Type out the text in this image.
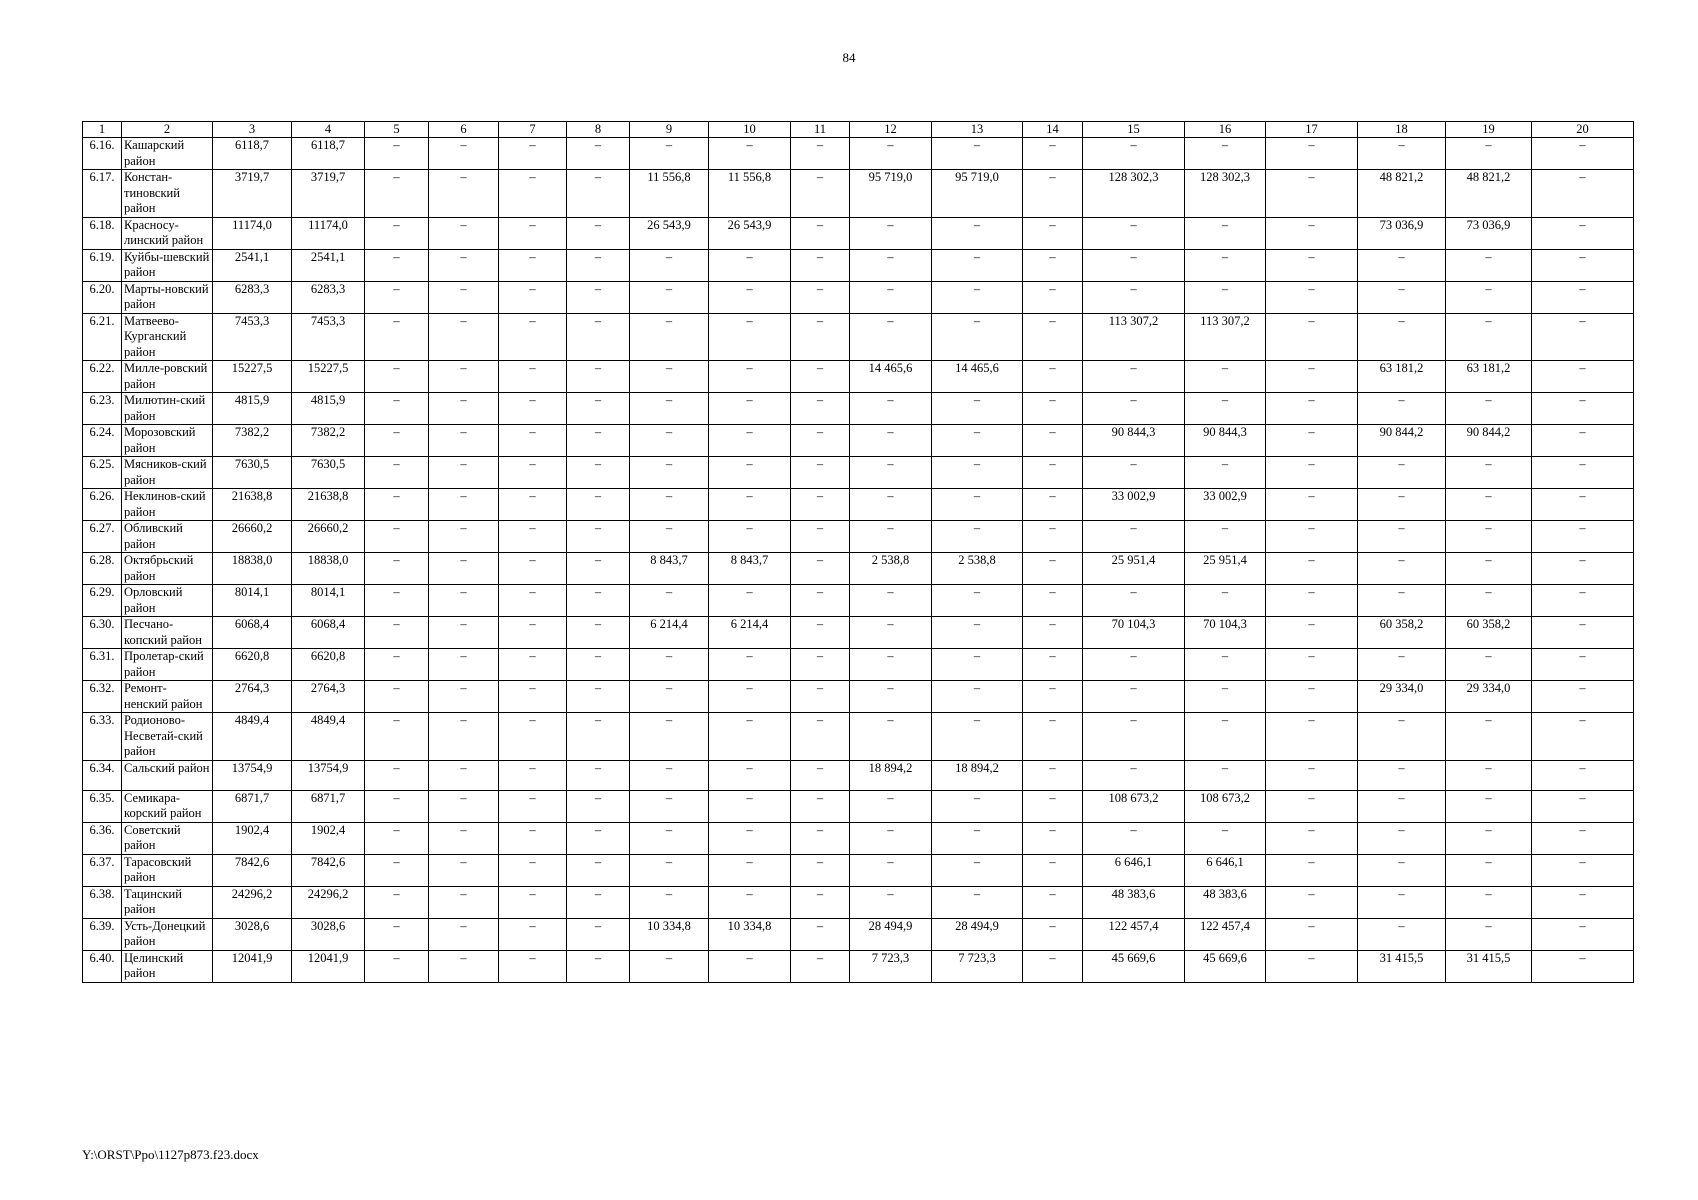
84
1	2	3	4	5	6	7	8	9	10	11	12	13	14	15	16	17	18	19	20
6.16.	Кашарский район	6118,7	6118,7	–	–	–	–	–	–	–	–	–	–	–	–	–	–	–	–
6.17.	Констан-тиновский район	3719,7	3719,7	–	–	–	–	11 556,8	11 556,8	–	95 719,0	95 719,0	–	128 302,3	128 302,3	–	48 821,2	48 821,2	–
6.18.	Красносу-линский район	11174,0	11174,0	–	–	–	–	26 543,9	26 543,9	–	–	–	–	–	–	–	73 036,9	73 036,9	–
6.19.	Куйбы-шевский район	2541,1	2541,1	–	–	–	–	–	–	–	–	–	–	–	–	–	–	–	–
6.20.	Марты-новский район	6283,3	6283,3	–	–	–	–	–	–	–	–	–	–	–	–	–	–	–	–
6.21.	Матвеево-Курганский район	7453,3	7453,3	–	–	–	–	–	–	–	–	–	–	113 307,2	113 307,2	–	–	–	–
6.22.	Милле-ровский район	15227,5	15227,5	–	–	–	–	–	–	–	14 465,6	14 465,6	–	–	–	–	63 181,2	63 181,2	–
6.23.	Милютин-ский район	4815,9	4815,9	–	–	–	–	–	–	–	–	–	–	–	–	–	–	–	–
6.24.	Морозовский район	7382,2	7382,2	–	–	–	–	–	–	–	–	–	–	90 844,3	90 844,3	–	90 844,2	90 844,2	–
6.25.	Мясников-ский район	7630,5	7630,5	–	–	–	–	–	–	–	–	–	–	–	–	–	–	–	–
6.26.	Неклинов-ский район	21638,8	21638,8	–	–	–	–	–	–	–	–	–	–	33 002,9	33 002,9	–	–	–	–
6.27.	Обливский район	26660,2	26660,2	–	–	–	–	–	–	–	–	–	–	–	–	–	–	–	–
6.28.	Октябрьский район	18838,0	18838,0	–	–	–	–	8 843,7	8 843,7	–	2 538,8	2 538,8	–	25 951,4	25 951,4	–	–	–	–
6.29.	Орловский район	8014,1	8014,1	–	–	–	–	–	–	–	–	–	–	–	–	–	–	–	–
6.30.	Песчано-копский район	6068,4	6068,4	–	–	–	–	6 214,4	6 214,4	–	–	–	–	70 104,3	70 104,3	–	60 358,2	60 358,2	–
6.31.	Пролетар-ский район	6620,8	6620,8	–	–	–	–	–	–	–	–	–	–	–	–	–	–	–	–
6.32.	Ремонт-ненский район	2764,3	2764,3	–	–	–	–	–	–	–	–	–	–	–	–	–	29 334,0	29 334,0	–
6.33.	Родионово-Несветай-ский район	4849,4	4849,4	–	–	–	–	–	–	–	–	–	–	–	–	–	–	–	–
6.34.	Сальский район	13754,9	13754,9	–	–	–	–	–	–	–	18 894,2	18 894,2	–	–	–	–	–	–	–
6.35.	Семикара-корский район	6871,7	6871,7	–	–	–	–	–	–	–	–	–	–	108 673,2	108 673,2	–	–	–	–
6.36.	Советский район	1902,4	1902,4	–	–	–	–	–	–	–	–	–	–	–	–	–	–	–	–
6.37.	Тарасовский район	7842,6	7842,6	–	–	–	–	–	–	–	–	–	–	6 646,1	6 646,1	–	–	–	–
6.38.	Тацинский район	24296,2	24296,2	–	–	–	–	–	–	–	–	–	–	48 383,6	48 383,6	–	–	–	–
6.39.	Усть-Донецкий район	3028,6	3028,6	–	–	–	–	10 334,8	10 334,8	–	28 494,9	28 494,9	–	122 457,4	122 457,4	–	–	–	–
6.40.	Целинский район	12041,9	12041,9	–	–	–	–	–	–	–	7 723,3	7 723,3	–	45 669,6	45 669,6	–	31 415,5	31 415,5	–
Y:\ORST\Ppo\1127p873.f23.docx
